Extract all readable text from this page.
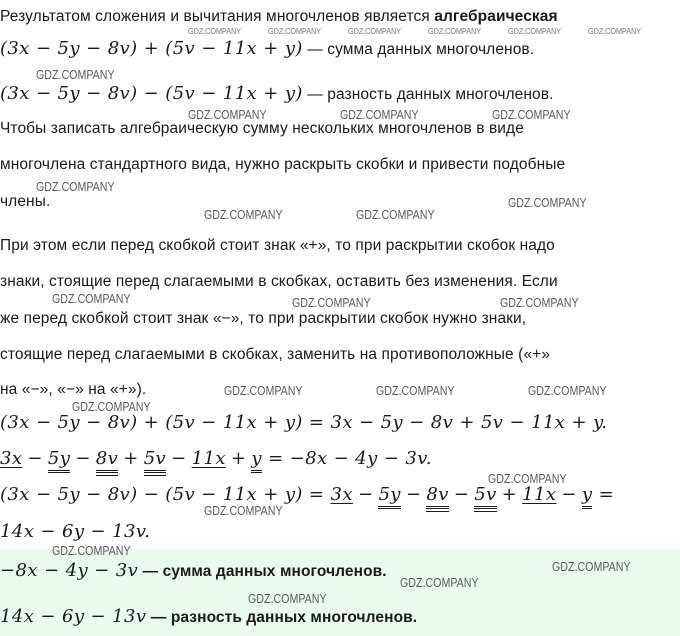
Результатом сложения и вычитания многочленов является алгебраическая
(3x − 5y − 8v) + (5v − 11x + y) — сумма данных многочленов.
(3x − 5y − 8v) − (5v − 11x + y) — разность данных многочленов.
Чтобы записать алгебраическую сумму нескольких многочленов в виде
многочлена стандартного вида, нужно раскрыть скобки и привести подобные
члены.
При этом если перед скобкой стоит знак «+», то при раскрытии скобок надо
знаки, стоящие перед слагаемыми в скобках, оставить без изменения. Если
же перед скобкой стоит знак «−», то при раскрытии скобок нужно знаки,
стоящие перед слагаемыми в скобках, заменить на противоположные («+»
на «−», «−» на «+»).
(3x − 5y − 8v) + (5v − 11x + y) = 3x − 5y − 8v + 5v − 11x + y.
3x − 5y − 8v + 5v − 11x + y = −8x − 4y − 3v.
(3x − 5y − 8v) − (5v − 11x + y) = 3x − 5y − 8v − 5v + 11x − y =
14x − 6y − 13v.
−8x − 4y − 3v — сумма данных многочленов.
14x − 6y − 13v — разность данных многочленов.
GDZ.COMPANY	GDZ.COMPANY	GDZ.COMPANY	GDZ.COMPANY	GDZ.COMPANY	GDZ.COMPANY
GDZ.COMPANY
GDZ.COMPANY	GDZ.COMPANY	GDZ.COMPANY
GDZ.COMPANY
GDZ.COMPANY	GDZ.COMPANY
GDZ.COMPANY
GDZ.COMPANY	GDZ.COMPANY	GDZ.COMPANY
GDZ.COMPANY	GDZ.COMPANY	GDZ.COMPANY
GDZ.COMPANY
GDZ.COMPANY
GDZ.COMPANY
GDZ.COMPANY
GDZ.COMPANY
GDZ.COMPANY
GDZ.COMPANY
